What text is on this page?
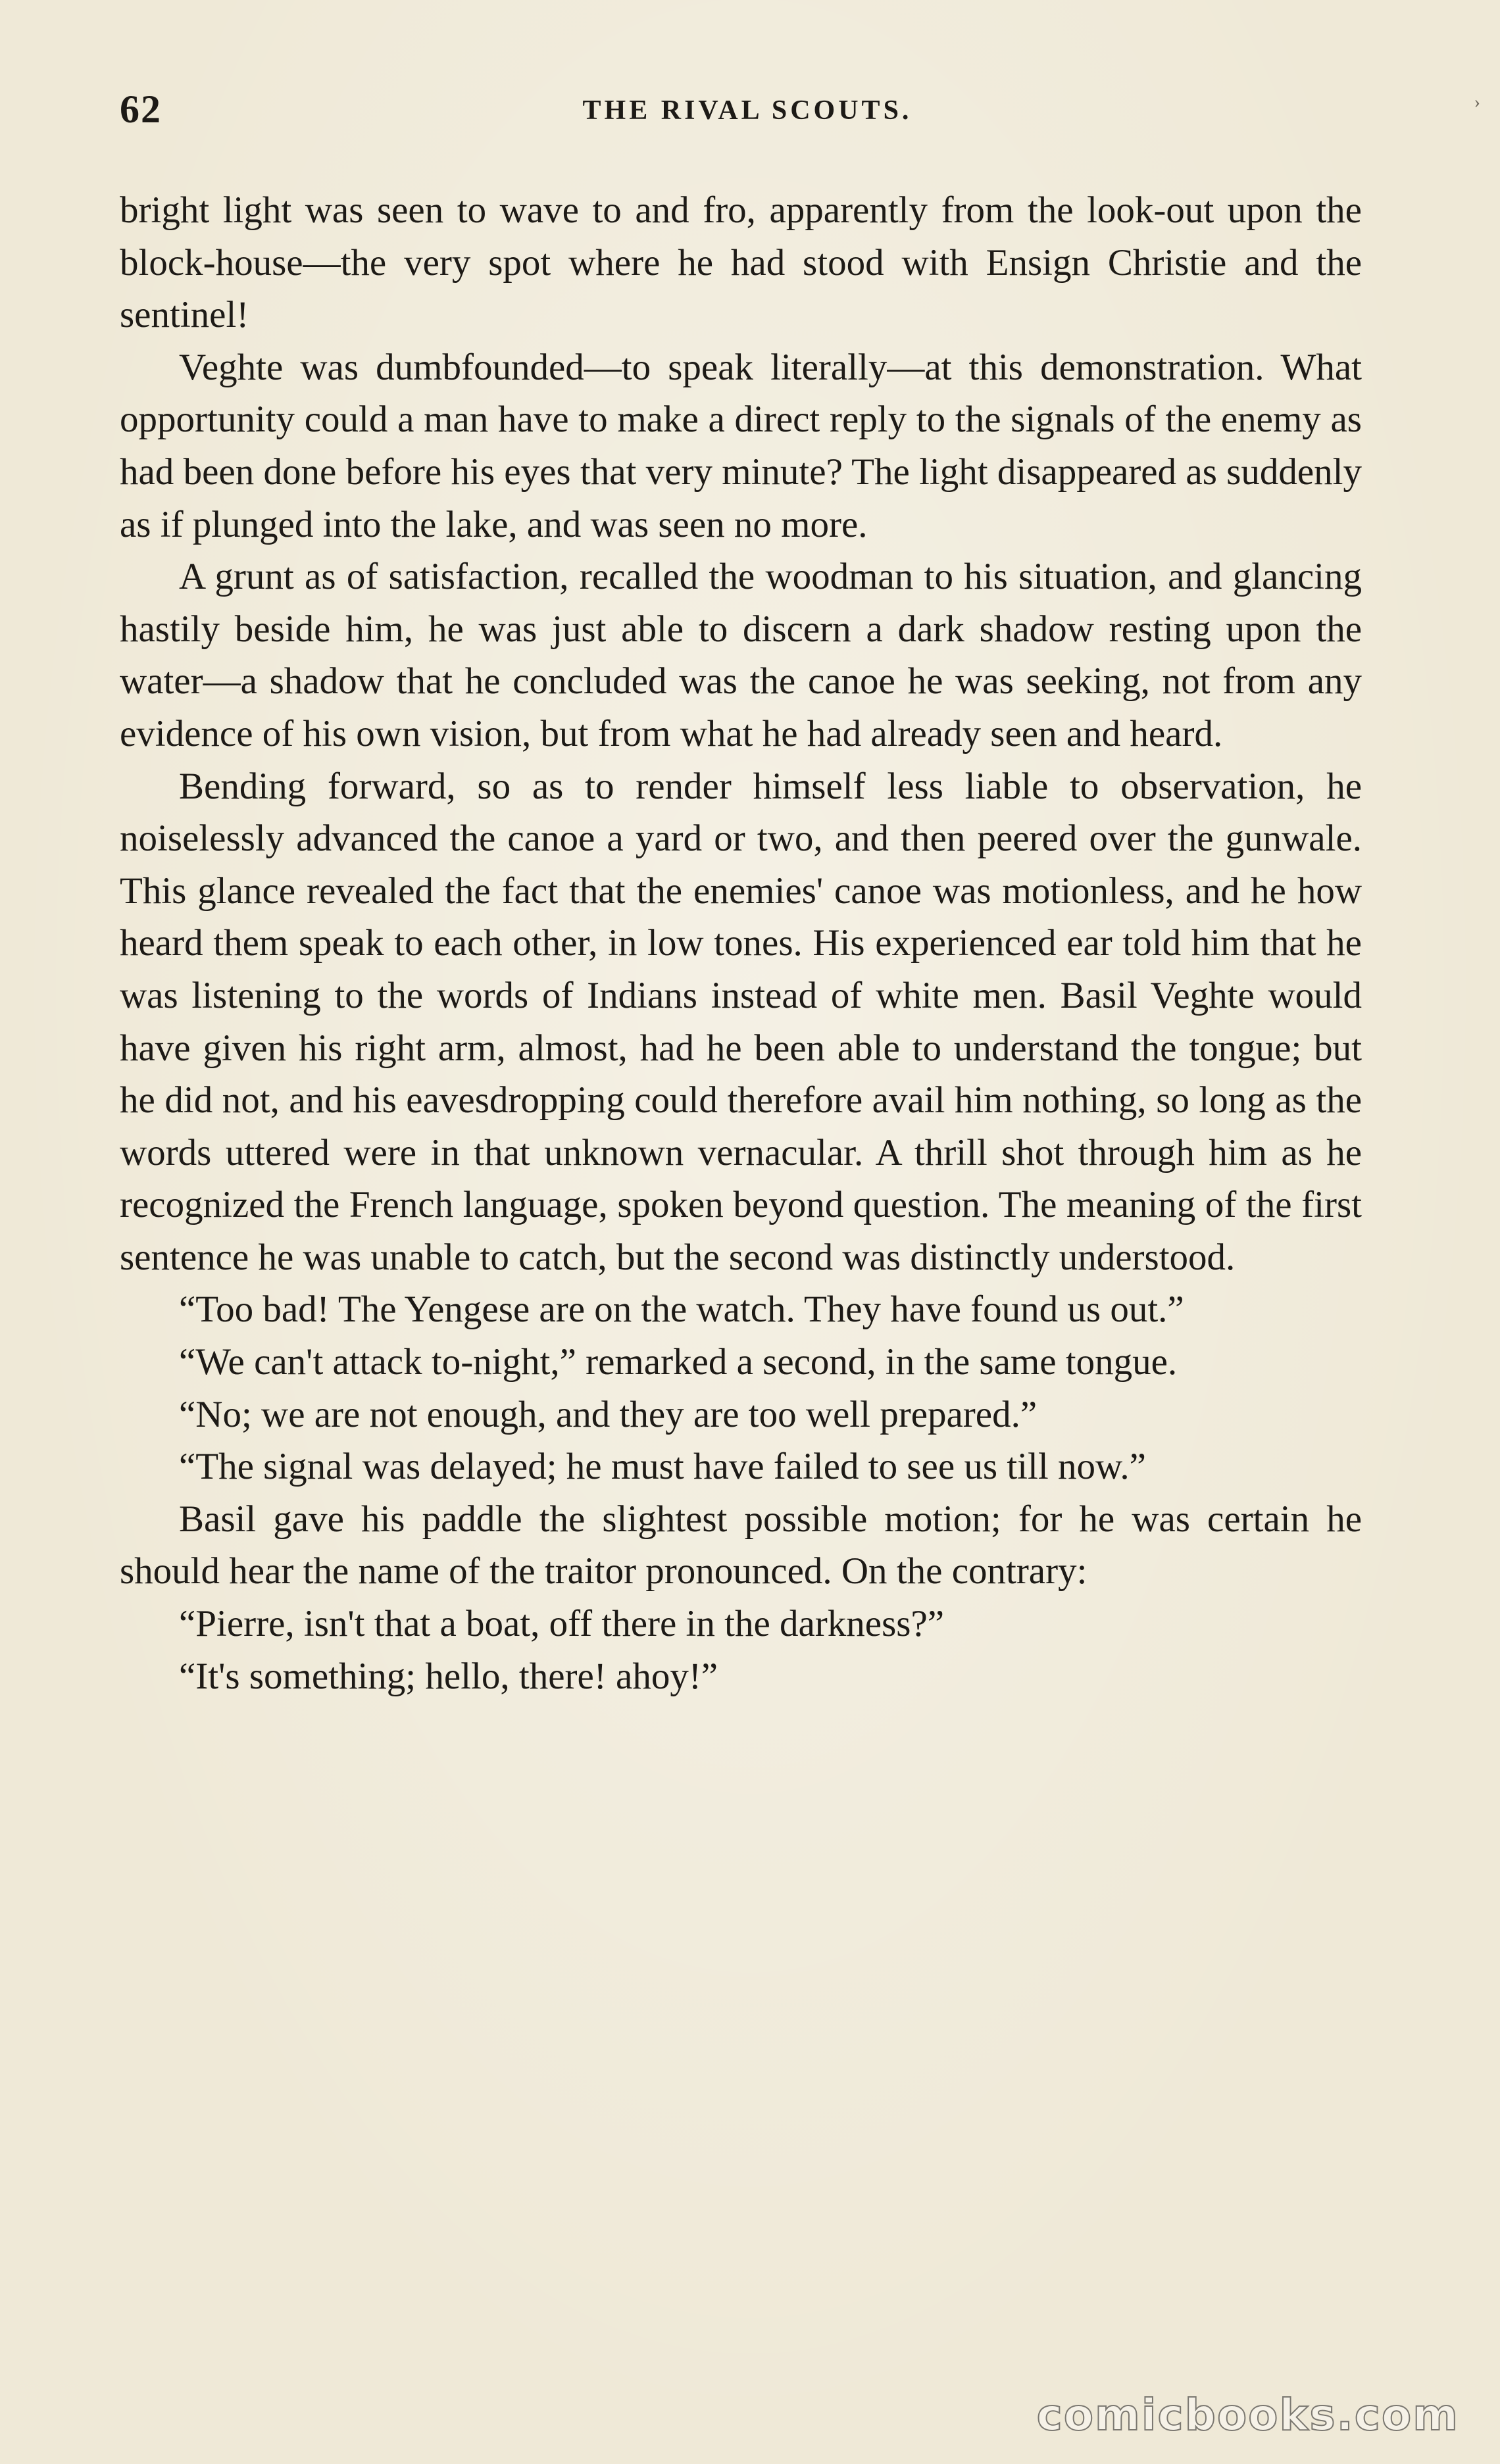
62	THE RIVAL SCOUTS.	›

bright light was seen to wave to and fro, apparently from the look-out upon the block-house—the very spot where he had stood with Ensign Christie and the sentinel!

Veghte was dumbfounded—to speak literally—at this demonstration. What opportunity could a man have to make a direct reply to the signals of the enemy as had been done before his eyes that very minute? The light disappeared as suddenly as if plunged into the lake, and was seen no more.

A grunt as of satisfaction, recalled the woodman to his situation, and glancing hastily beside him, he was just able to discern a dark shadow resting upon the water—a shadow that he concluded was the canoe he was seeking, not from any evidence of his own vision, but from what he had already seen and heard.

Bending forward, so as to render himself less liable to observation, he noiselessly advanced the canoe a yard or two, and then peered over the gunwale. This glance revealed the fact that the enemies' canoe was motionless, and he how heard them speak to each other, in low tones. His experienced ear told him that he was listening to the words of Indians instead of white men. Basil Veghte would have given his right arm, almost, had he been able to understand the tongue; but he did not, and his eavesdropping could therefore avail him nothing, so long as the words uttered were in that unknown vernacular. A thrill shot through him as he recognized the French language, spoken beyond question. The meaning of the first sentence he was unable to catch, but the second was distinctly understood.

“Too bad! The Yengese are on the watch. They have found us out.”

“We can't attack to-night,” remarked a second, in the same tongue.

“No; we are not enough, and they are too well prepared.”

“The signal was delayed; he must have failed to see us till now.”

Basil gave his paddle the slightest possible motion; for he was certain he should hear the name of the traitor pronounced. On the contrary:

“Pierre, isn't that a boat, off there in the darkness?”

“It's something; hello, there! ahoy!”

comicbooks.com
